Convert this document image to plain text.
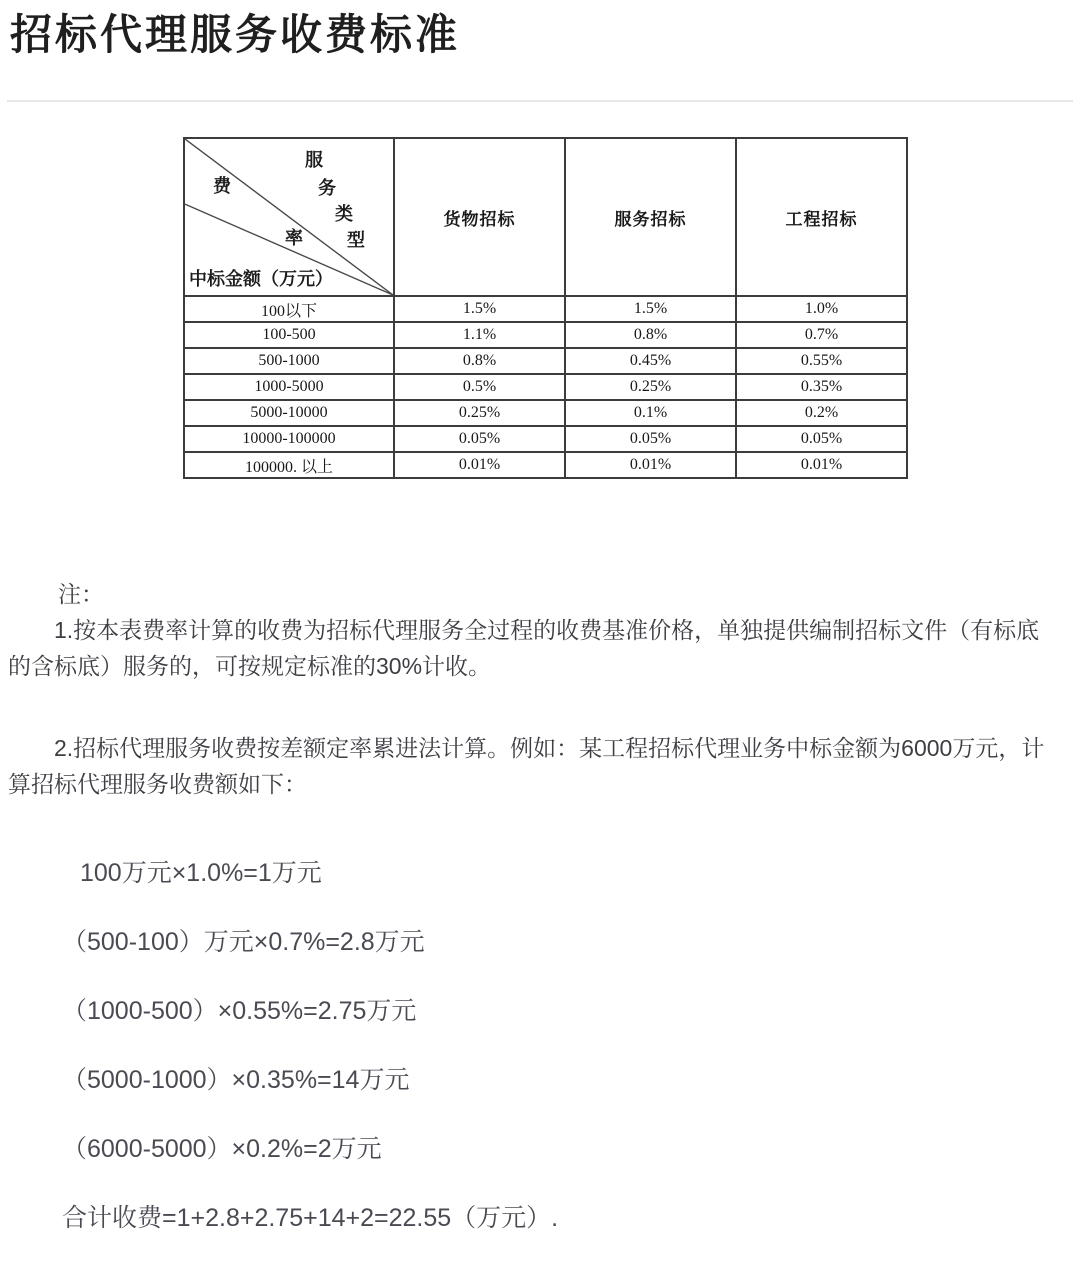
招标代理服务收费标准
服
务
类
型
费
率
中标金额（万元）
	货物招标	服务招标	工程招标
100以下	1.5%	1.5%	1.0%
100-500	1.1%	0.8%	0.7%
500-1000	0.8%	0.45%	0.55%
1000-5000	0.5%	0.25%	0.35%
5000-10000	0.25%	0.1%	0.2%
10000-100000	0.05%	0.05%	0.05%
100000. 以上	0.01%	0.01%	0.01%
注：
1.按本表费率计算的收费为招标代理服务全过程的收费基准价格，单独提供编制招标文件（有标底
的含标底）服务的，可按规定标准的30%计收。
2.招标代理服务收费按差额定率累进法计算。例如：某工程招标代理业务中标金额为6000万元，计
算招标代理服务收费额如下：
100万元×1.0%=1万元
（500-100）万元×0.7%=2.8万元
（1000-500）×0.55%=2.75万元
（5000-1000）×0.35%=14万元
（6000-5000）×0.2%=2万元
合计收费=1+2.8+2.75+14+2=22.55（万元）.
